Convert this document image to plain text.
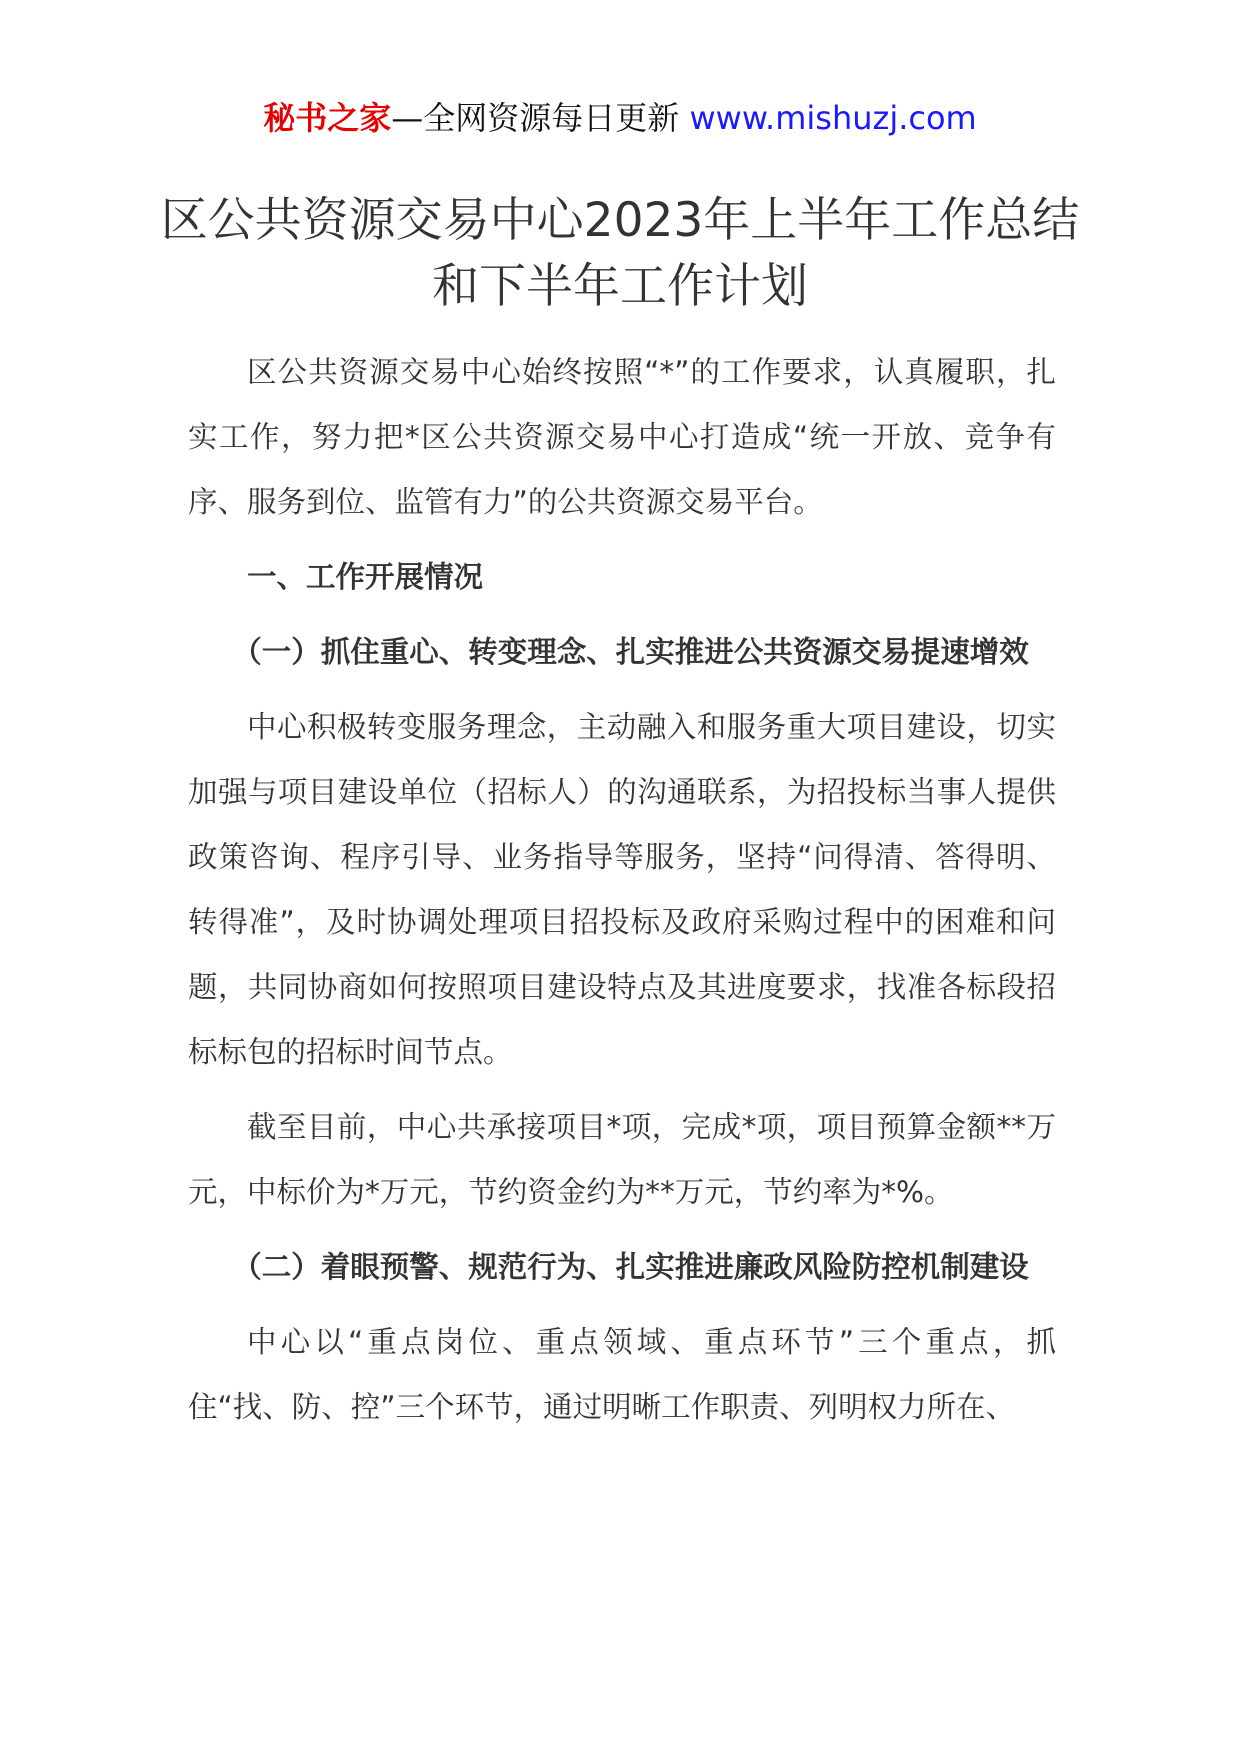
秘书之家—全网资源每日更新 www.mishuzj.com
区公共资源交易中心2023年上半年工作总结和下半年工作计划

区公共资源交易中心始终按照“*”的工作要求，认真履职，扎实工作，努力把*区公共资源交易中心打造成“统一开放、竞争有序、服务到位、监管有力”的公共资源交易平台。

一、工作开展情况

（一）抓住重心、转变理念、扎实推进公共资源交易提速增效

中心积极转变服务理念，主动融入和服务重大项目建设，切实加强与项目建设单位（招标人）的沟通联系，为招投标当事人提供政策咨询、程序引导、业务指导等服务，坚持“问得清、答得明、转得准”，及时协调处理项目招投标及政府采购过程中的困难和问题，共同协商如何按照项目建设特点及其进度要求，找准各标段招标标包的招标时间节点。

截至目前，中心共承接项目*项，完成*项，项目预算金额**万元，中标价为*万元，节约资金约为**万元，节约率为*%。

（二）着眼预警、规范行为、扎实推进廉政风险防控机制建设

中心以“重点岗位、重点领域、重点环节”三个重点，抓住“找、防、控”三个环节，通过明晰工作职责、列明权力所在、
